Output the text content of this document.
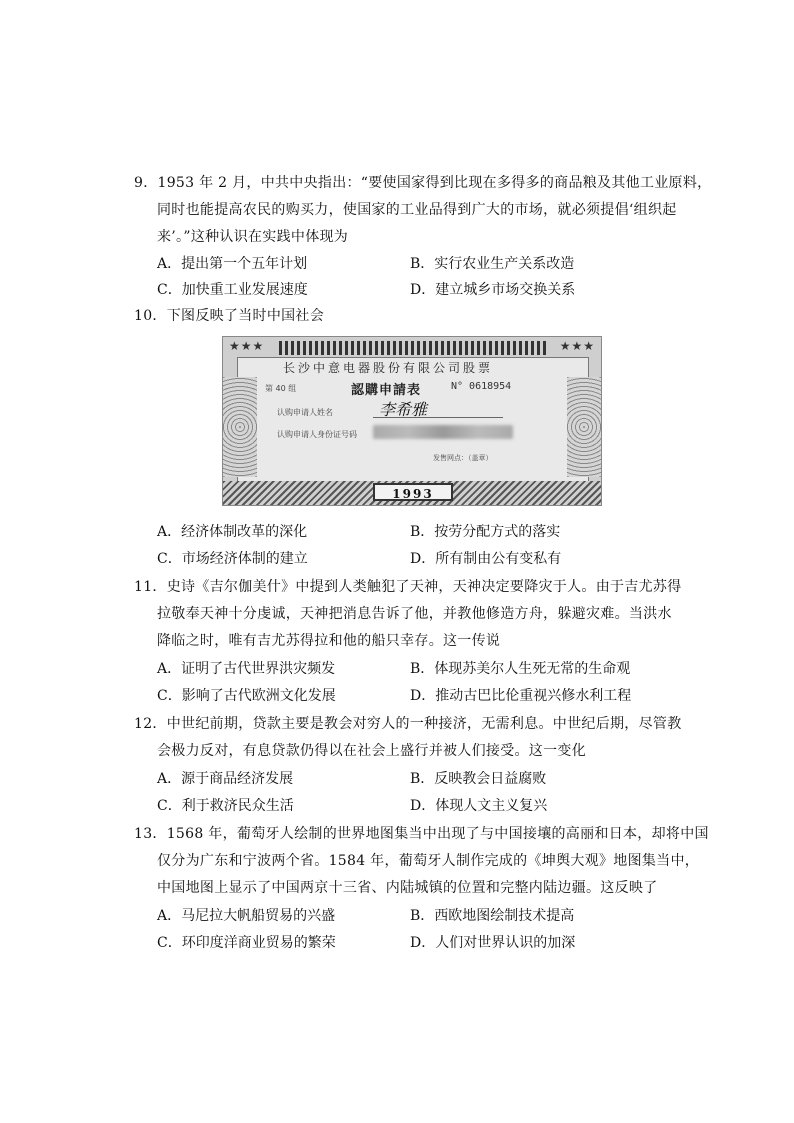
9．1953 年 2 月，中共中央指出：“要使国家得到比现在多得多的商品粮及其他工业原料，
同时也能提高农民的购买力，使国家的工业品得到广大的市场，就必须提倡‘组织起
来’。”这种认识在实践中体现为
A．提出第一个五年计划	B．实行农业生产关系改造
C．加快重工业发展速度	D．建立城乡市场交换关系
10．下图反映了当时中国社会
★★★	★★★
长沙中意电器股份有限公司股票
第 40 组	認購申請表	N° 0618954
认购申请人姓名	李希雅
认购申请人身份证号码
发售网点：（盖章）
1993
A．经济体制改革的深化	B．按劳分配方式的落实
C．市场经济体制的建立	D．所有制由公有变私有
11．史诗《吉尔伽美什》中提到人类触犯了天神，天神决定要降灾于人。由于吉尤苏得
拉敬奉天神十分虔诚，天神把消息告诉了他，并教他修造方舟，躲避灾难。当洪水
降临之时，唯有吉尤苏得拉和他的船只幸存。这一传说
A．证明了古代世界洪灾频发	B．体现苏美尔人生死无常的生命观
C．影响了古代欧洲文化发展	D．推动古巴比伦重视兴修水利工程
12．中世纪前期，贷款主要是教会对穷人的一种接济，无需利息。中世纪后期，尽管教
会极力反对，有息贷款仍得以在社会上盛行并被人们接受。这一变化
A．源于商品经济发展	B．反映教会日益腐败
C．利于救济民众生活	D．体现人文主义复兴
13．1568 年，葡萄牙人绘制的世界地图集当中出现了与中国接壤的高丽和日本，却将中国
仅分为广东和宁波两个省。1584 年，葡萄牙人制作完成的《坤舆大观》地图集当中，
中国地图上显示了中国两京十三省、内陆城镇的位置和完整内陆边疆。这反映了
A．马尼拉大帆船贸易的兴盛	B．西欧地图绘制技术提高
C．环印度洋商业贸易的繁荣	D．人们对世界认识的加深
